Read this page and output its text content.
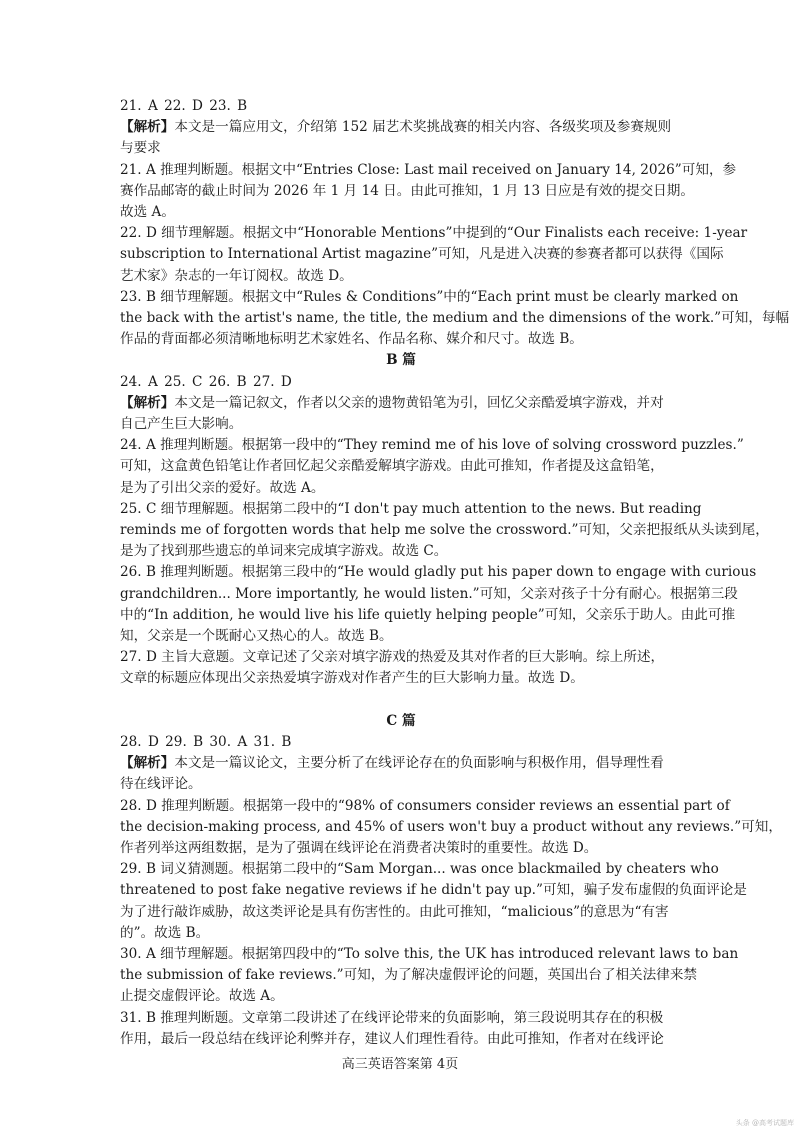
21. A 22. D 23. B
【解析】本文是一篇应用文，介绍第 152 届艺术奖挑战赛的相关内容、各级奖项及参赛规则
与要求
21. A 推理判断题。根据文中“Entries Close: Last mail received on January 14, 2026”可知，参
赛作品邮寄的截止时间为 2026 年 1 月 14 日。由此可推知，1 月 13 日应是有效的提交日期。
故选 A。
22. D 细节理解题。根据文中“Honorable Mentions”中提到的“Our Finalists each receive: 1-year
subscription to International Artist magazine”可知，凡是进入决赛的参赛者都可以获得《国际
艺术家》杂志的一年订阅权。故选 D。
23. B 细节理解题。根据文中“Rules & Conditions”中的“Each print must be clearly marked on
the back with the artist's name, the title, the medium and the dimensions of the work.”可知，每幅
作品的背面都必须清晰地标明艺术家姓名、作品名称、媒介和尺寸。故选 B。
B 篇
24. A 25. C 26. B 27. D
【解析】本文是一篇记叙文，作者以父亲的遗物黄铅笔为引，回忆父亲酷爱填字游戏，并对
自己产生巨大影响。
24. A 推理判断题。根据第一段中的“They remind me of his love of solving crossword puzzles.”
可知，这盒黄色铅笔让作者回忆起父亲酷爱解填字游戏。由此可推知，作者提及这盒铅笔，
是为了引出父亲的爱好。故选 A。
25. C 细节理解题。根据第二段中的“I don't pay much attention to the news. But reading
reminds me of forgotten words that help me solve the crossword.”可知，父亲把报纸从头读到尾，
是为了找到那些遗忘的单词来完成填字游戏。故选 C。
26. B 推理判断题。根据第三段中的“He would gladly put his paper down to engage with curious
grandchildren... More importantly, he would listen.”可知，父亲对孩子十分有耐心。根据第三段
中的“In addition, he would live his life quietly helping people”可知，父亲乐于助人。由此可推
知，父亲是一个既耐心又热心的人。故选 B。
27. D 主旨大意题。文章记述了父亲对填字游戏的热爱及其对作者的巨大影响。综上所述，
文章的标题应体现出父亲热爱填字游戏对作者产生的巨大影响力量。故选 D。
C 篇
28. D 29. B 30. A 31. B
【解析】本文是一篇议论文，主要分析了在线评论存在的负面影响与积极作用，倡导理性看
待在线评论。
28. D 推理判断题。根据第一段中的“98% of consumers consider reviews an essential part of
the decision-making process, and 45% of users won't buy a product without any reviews.”可知，
作者列举这两组数据，是为了强调在线评论在消费者决策时的重要性。故选 D。
29. B 词义猜测题。根据第二段中的“Sam Morgan... was once blackmailed by cheaters who
threatened to post fake negative reviews if he didn't pay up.”可知，骗子发布虚假的负面评论是
为了进行敲诈威胁，故这类评论是具有伤害性的。由此可推知，“malicious”的意思为“有害
的”。故选 B。
30. A 细节理解题。根据第四段中的“To solve this, the UK has introduced relevant laws to ban
the submission of fake reviews.”可知，为了解决虚假评论的问题，英国出台了相关法律来禁
止提交虚假评论。故选 A。
31. B 推理判断题。文章第二段讲述了在线评论带来的负面影响，第三段说明其存在的积极
作用，最后一段总结在线评论利弊并存，建议人们理性看待。由此可推知，作者对在线评论
高三英语答案第 4页
头条 @高考试题库
